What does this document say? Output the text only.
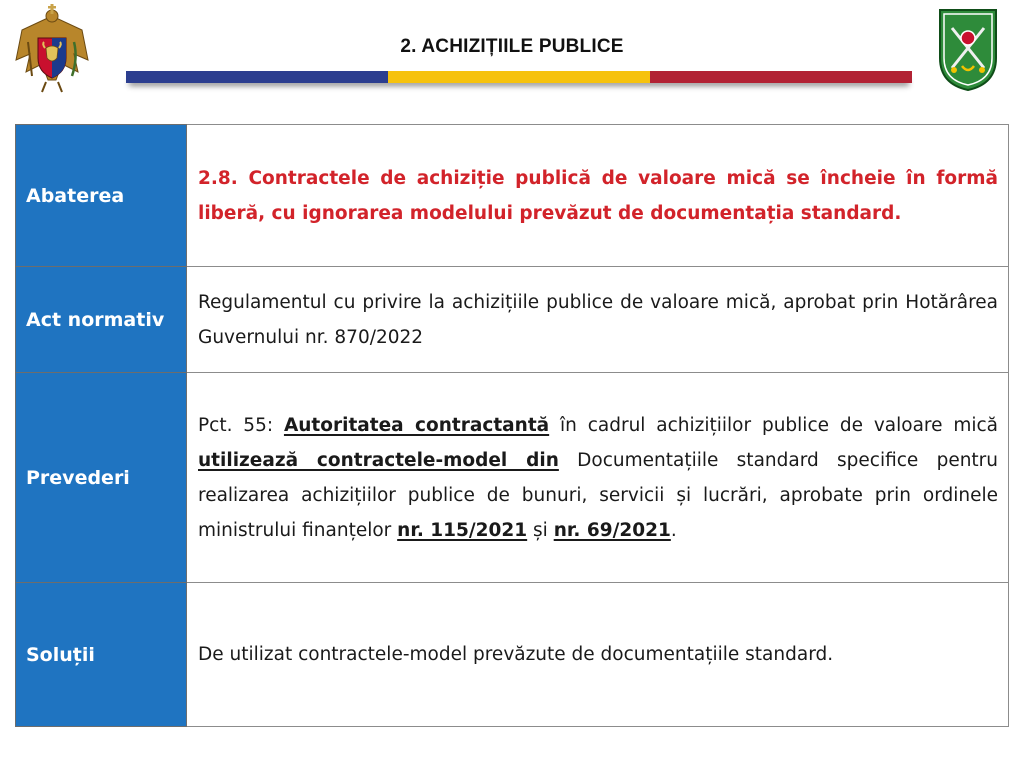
2. ACHIZIȚIILE PUBLICE
Abaterea	2.8. Contractele de achiziție publică de valoare mică se încheie în formă liberă, cu ignorarea modelului prevăzut de documentația standard.
Act normativ	Regulamentul cu privire la achizițiile publice de valoare mică, aprobat prin Hotărârea Guvernului nr. 870/2022
Prevederi	Pct. 55: Autoritatea contractantă în cadrul achizițiilor publice de valoare mică utilizează contractele-model din Documentațiile standard specifice pentru realizarea achizițiilor publice de bunuri, servicii și lucrări, aprobate prin ordinele ministrului finanțelor nr. 115/2021 și nr. 69/2021.
Soluții	De utilizat contractele-model prevăzute de documentațiile standard.
